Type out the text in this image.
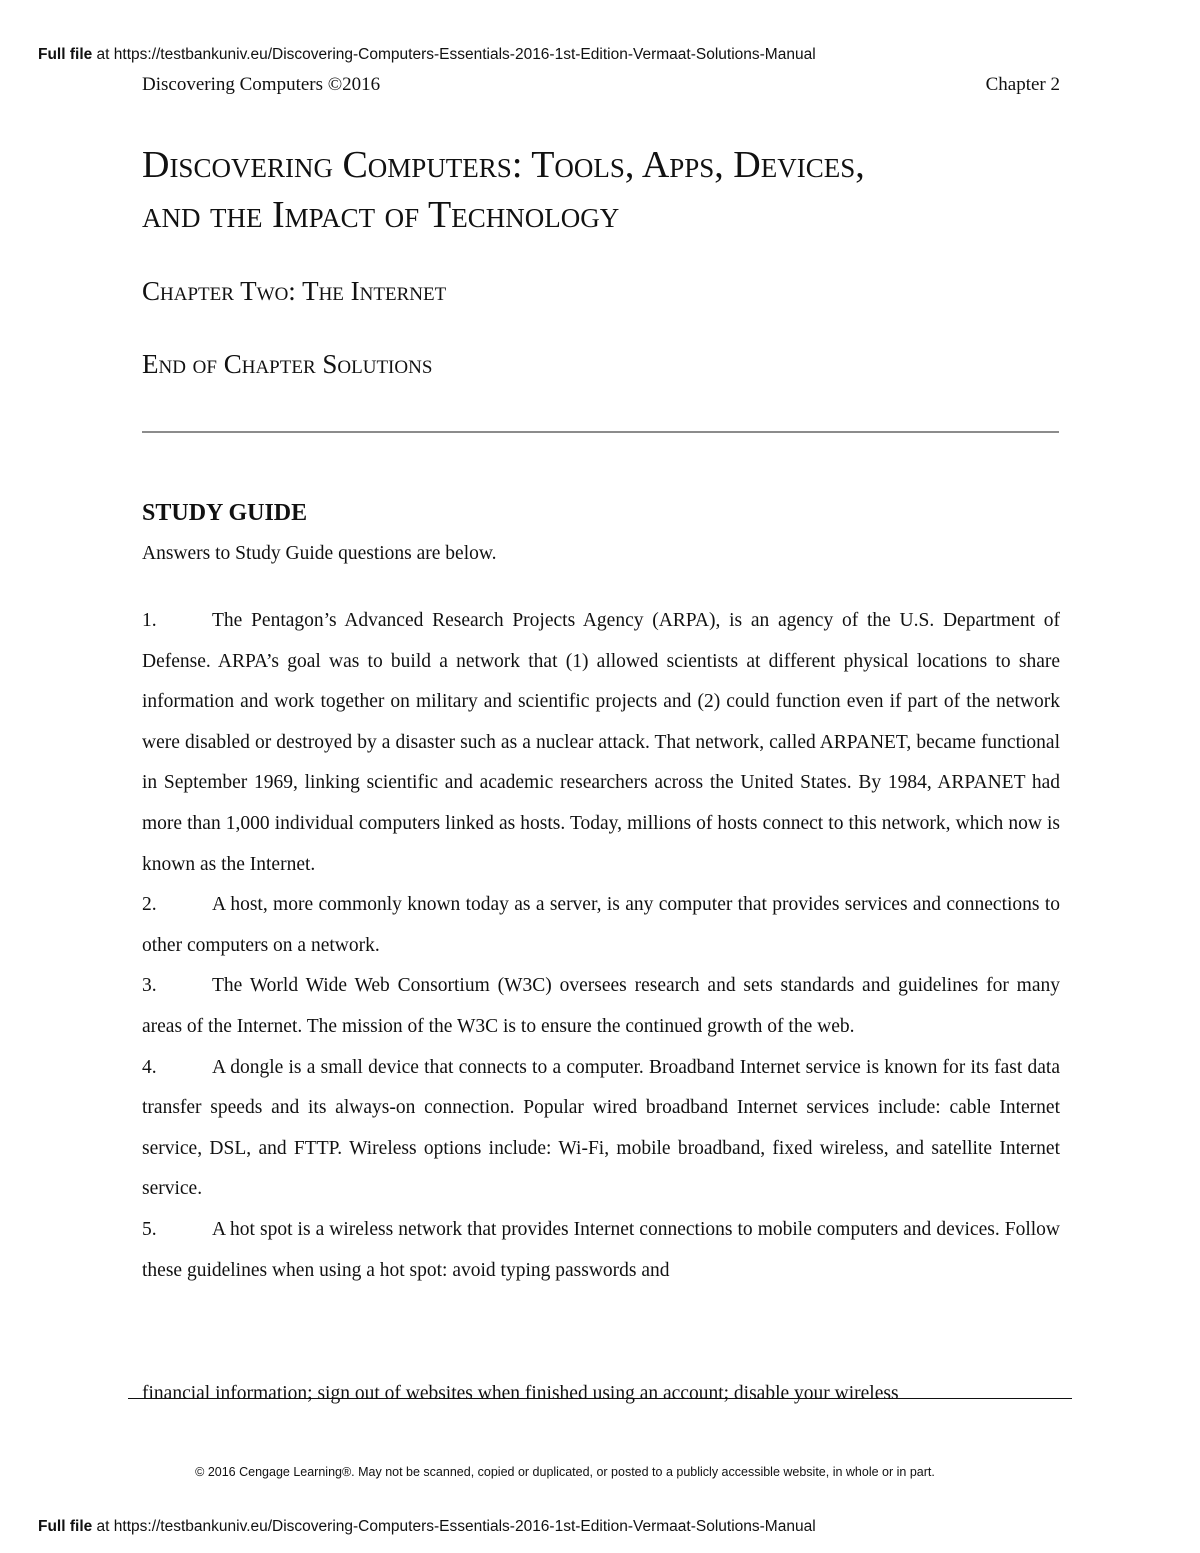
Full file at https://testbankuniv.eu/Discovering-Computers-Essentials-2016-1st-Edition-Vermaat-Solutions-Manual
Discovering Computers ©2016	Chapter 2
Discovering Computers: Tools, Apps, Devices,
and the Impact of Technology
Chapter Two: The Internet
End of Chapter Solutions
STUDY GUIDE

Answers to Study Guide questions are below.

1.	The Pentagon’s Advanced Research Projects Agency (ARPA), is an agency of the U.S. Department of Defense. ARPA’s goal was to build a network that (1) allowed scientists at different physical locations to share information and work together on military and scientific projects and (2) could function even if part of the network were disabled or destroyed by a disaster such as a nuclear attack. That network, called ARPANET, became functional in September 1969, linking scientific and academic researchers across the United States. By 1984, ARPANET had more than 1,000 individual computers linked as hosts. Today, millions of hosts connect to this network, which now is known as the Internet.
2.	A host, more commonly known today as a server, is any computer that provides services and connections to other computers on a network.
3.	The World Wide Web Consortium (W3C) oversees research and sets standards and guidelines for many areas of the Internet. The mission of the W3C is to ensure the continued growth of the web.
4.	A dongle is a small device that connects to a computer. Broadband Internet service is known for its fast data transfer speeds and its always-on connection. Popular wired broadband Internet services include: cable Internet service, DSL, and FTTP. Wireless options include: Wi-Fi, mobile broadband, fixed wireless, and satellite Internet service.
5.	A hot spot is a wireless network that provides Internet connections to mobile computers and devices. Follow these guidelines when using a hot spot: avoid typing passwords and
financial information; sign out of websites when finished using an account; disable your wireless
© 2016 Cengage Learning®. May not be scanned, copied or duplicated, or posted to a publicly accessible website, in whole or in part.
Full file at https://testbankuniv.eu/Discovering-Computers-Essentials-2016-1st-Edition-Vermaat-Solutions-Manual
